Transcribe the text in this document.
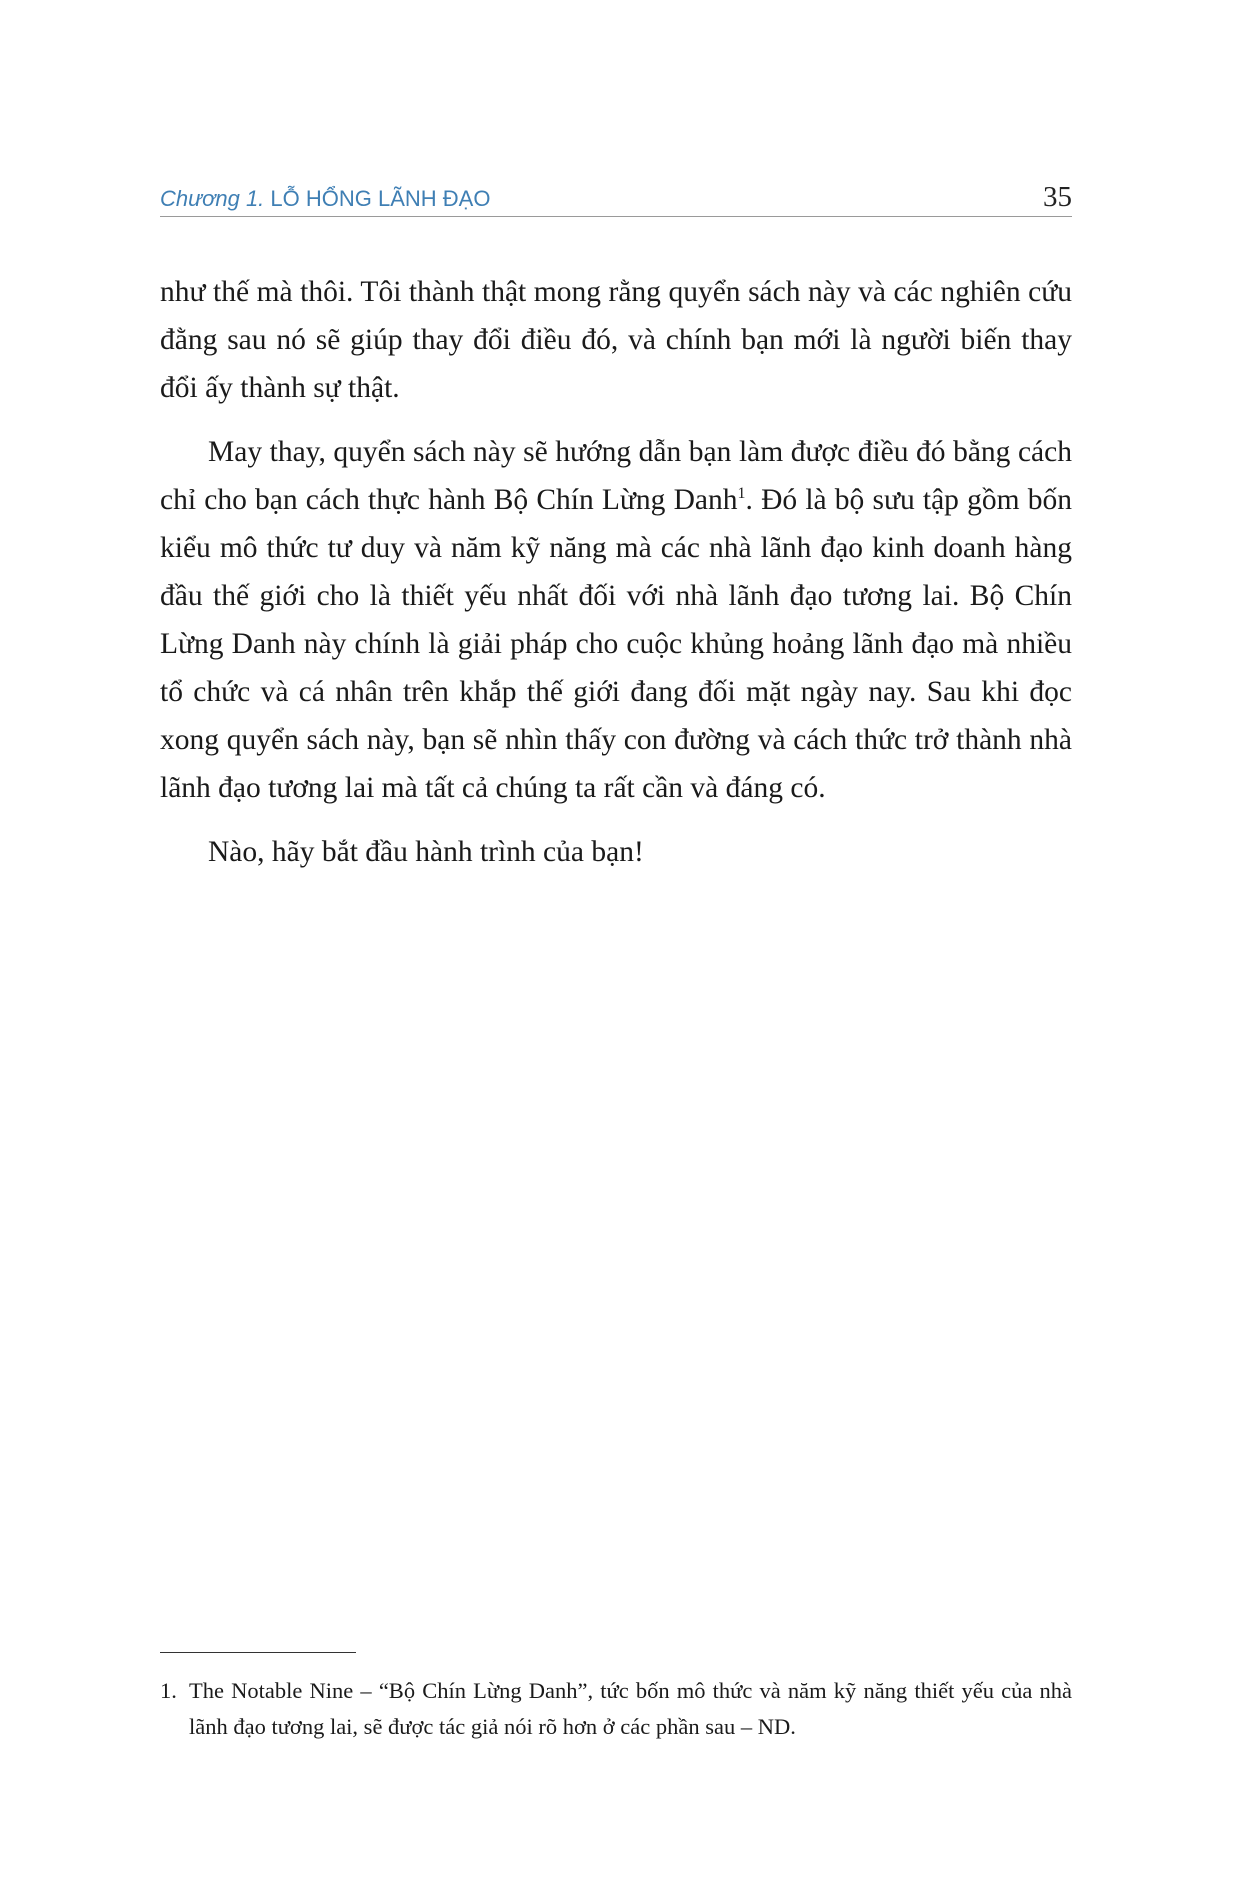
Chương 1. LỖ HỔNG LÃNH ĐẠO	35

như thế mà thôi. Tôi thành thật mong rằng quyển sách này và các nghiên cứu đằng sau nó sẽ giúp thay đổi điều đó, và chính bạn mới là người biến thay đổi ấy thành sự thật.

May thay, quyển sách này sẽ hướng dẫn bạn làm được điều đó bằng cách chỉ cho bạn cách thực hành Bộ Chín Lừng Danh$^1$. Đó là bộ sưu tập gồm bốn kiểu mô thức tư duy và năm kỹ năng mà các nhà lãnh đạo kinh doanh hàng đầu thế giới cho là thiết yếu nhất đối với nhà lãnh đạo tương lai. Bộ Chín Lừng Danh này chính là giải pháp cho cuộc khủng hoảng lãnh đạo mà nhiều tổ chức và cá nhân trên khắp thế giới đang đối mặt ngày nay. Sau khi đọc xong quyển sách này, bạn sẽ nhìn thấy con đường và cách thức trở thành nhà lãnh đạo tương lai mà tất cả chúng ta rất cần và đáng có.

Nào, hãy bắt đầu hành trình của bạn!

1. The Notable Nine – “Bộ Chín Lừng Danh”, tức bốn mô thức và năm kỹ năng thiết yếu của nhà lãnh đạo tương lai, sẽ được tác giả nói rõ hơn ở các phần sau – ND.
